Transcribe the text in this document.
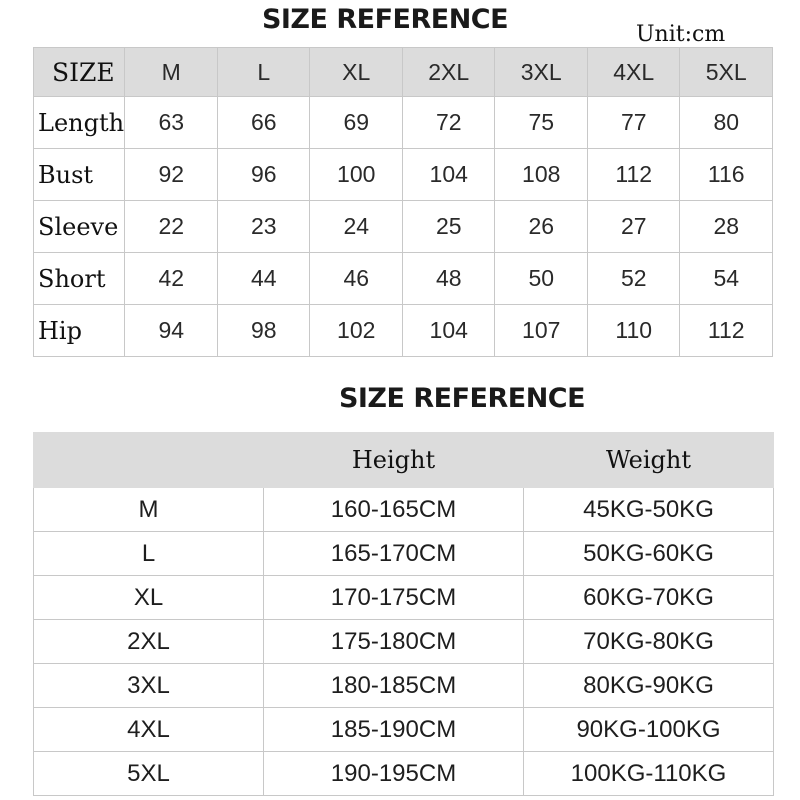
SIZE REFERENCE	Unit:cm
SIZE	M	L	XL	2XL	3XL	4XL	5XL
Length	63	66	69	72	75	77	80
Bust	92	96	100	104	108	112	116
Sleeve	22	23	24	25	26	27	28
Short	42	44	46	48	50	52	54
Hip	94	98	102	104	107	110	112
SIZE REFERENCE
	Height	Weight
M	160-165CM	45KG-50KG
L	165-170CM	50KG-60KG
XL	170-175CM	60KG-70KG
2XL	175-180CM	70KG-80KG
3XL	180-185CM	80KG-90KG
4XL	185-190CM	90KG-100KG
5XL	190-195CM	100KG-110KG
